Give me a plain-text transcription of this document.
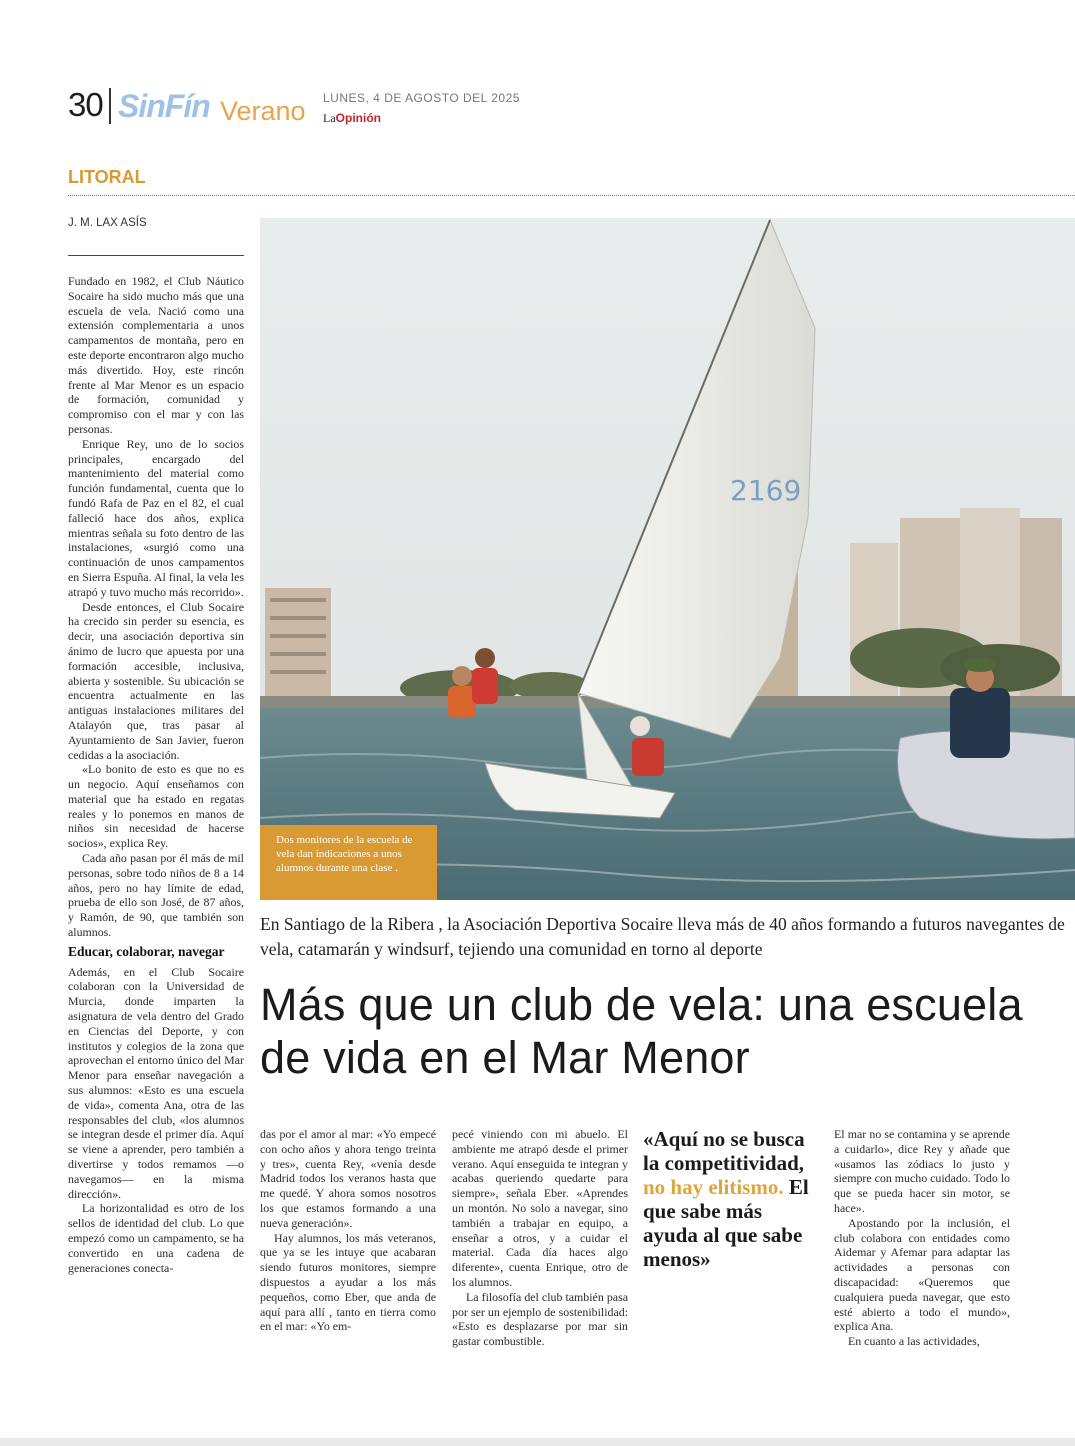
30 SinFín Verano LUNES, 4 DE AGOSTO DEL 2025
LaOpinión
LITORAL
J. M. LAX ASÍS

Fundado en 1982, el Club Náutico Socaire ha sido mucho más que una escuela de vela. Nació como una extensión complementaria a unos campamentos de montaña, pero en este deporte encontraron algo mucho más divertido. Hoy, este rincón frente al Mar Menor es un espacio de formación, comunidad y compromiso con el mar y con las personas.

Enrique Rey, uno de lo socios principales, encargado del mantenimiento del material como función fundamental, cuenta que lo fundó Rafa de Paz en el 82, el cual falleció hace dos años, explica mientras señala su foto dentro de las instalaciones, «surgió como una continuación de unos campamentos en Sierra Espuña. Al final, la vela les atrapó y tuvo mucho más recorrido».

Desde entonces, el Club Socaire ha crecido sin perder su esencia, es decir, una asociación deportiva sin ánimo de lucro que apuesta por una formación accesible, inclusiva, abierta y sostenible. Su ubicación se encuentra actualmente en las antiguas instalaciones militares del Atalayón que, tras pasar al Ayuntamiento de San Javier, fueron cedidas a la asociación.

«Lo bonito de esto es que no es un negocio. Aquí enseñamos con material que ha estado en regatas reales y lo ponemos en manos de niños sin necesidad de hacerse socios», explica Rey.

Cada año pasan por él más de mil personas, sobre todo niños de 8 a 14 años, pero no hay límite de edad, prueba de ello son José, de 87 años, y Ramón, de 90, que también son alumnos.

Educar, colaborar, navegar

Además, en el Club Socaire colaboran con la Universidad de Murcia, donde imparten la asignatura de vela dentro del Grado en Ciencias del Deporte, y con institutos y colegios de la zona que aprovechan el entorno único del Mar Menor para enseñar navegación a sus alumnos: «Esto es una escuela de vida», comenta Ana, otra de las responsables del club, «los alumnos se integran desde el primer día. Aquí se viene a aprender, pero también a divertirse y todos remamos —o navegamos— en la misma dirección».

La horizontalidad es otro de los sellos de identidad del club. Lo que empezó como un campamento, se ha convertido en una cadena de generaciones conecta-

2169
Dos monitores de la escuela de vela dan indicaciones a unos alumnos durante una clase .
En Santiago de la Ribera , la Asociación Deportiva Socaire lleva más de 40 años formando a futuros navegantes de vela, catamarán y windsurf, tejiendo una comunidad en torno al deporte
Más que un club de vela: una escuela de vida en el Mar Menor

das por el amor al mar: «Yo empecé con ocho años y ahora tengo treinta y tres», cuenta Rey, «venía desde Madrid todos los veranos hasta que me quedé. Y ahora somos nosotros los que estamos formando a una nueva generación».

Hay alumnos, los más veteranos, que ya se les intuye que acabaran siendo futuros monitores, siempre dispuestos a ayudar a los más pequeños, como Eber, que anda de aquí para allí , tanto en tierra como en el mar: «Yo em-

pecé viniendo con mi abuelo. El ambiente me atrapó desde el primer verano. Aquí enseguida te integran y acabas queriendo quedarte para siempre», señala Eber. «Aprendes un montón. No solo a navegar, sino también a trabajar en equipo, a enseñar a otros, y a cuidar el material. Cada día haces algo diferente», cuenta Enrique, otro de los alumnos.

La filosofía del club también pasa por ser un ejemplo de sostenibilidad: «Esto es desplazarse por mar sin gastar combustible.

«Aquí no se busca la competitividad, no hay elitismo. El que sabe más ayuda al que sabe menos»

El mar no se contamina y se aprende a cuidarlo», dice Rey y añade que «usamos las zódiacs lo justo y siempre con mucho cuidado. Todo lo que se pueda hacer sin motor, se hace».

Apostando por la inclusión, el club colabora con entidades como Aidemar y Afemar para adaptar las actividades a personas con discapacidad: «Queremos que cualquiera pueda navegar, que esto esté abierto a todo el mundo», explica Ana.

En cuanto a las actividades,
